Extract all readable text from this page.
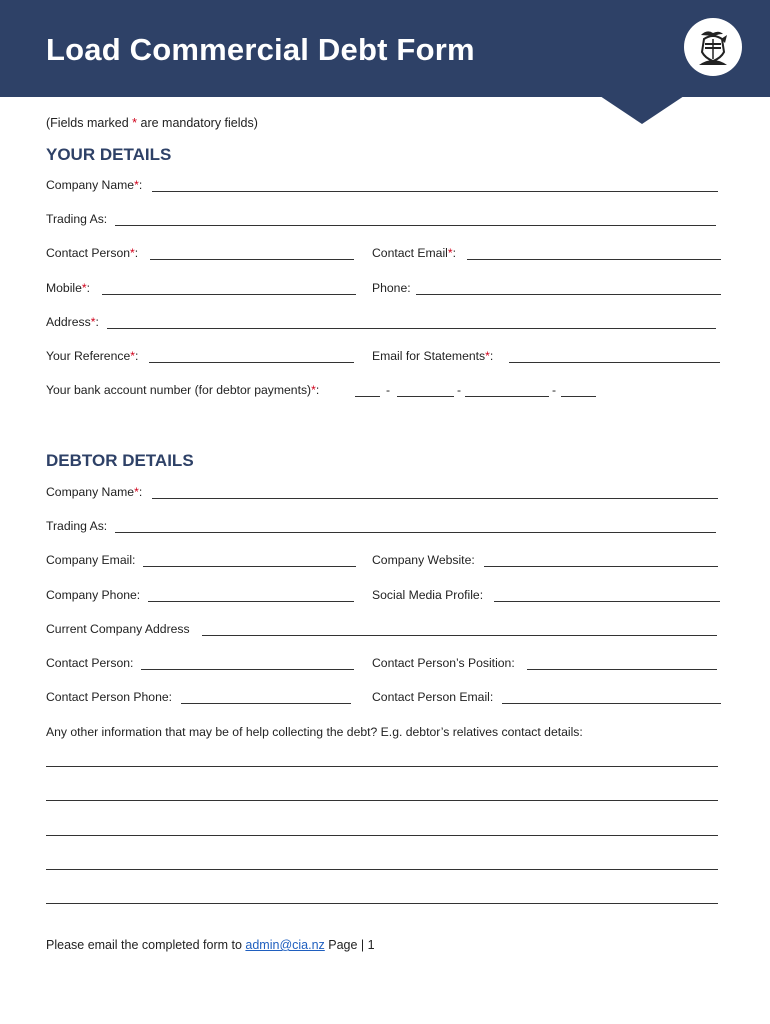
Load Commercial Debt Form
(Fields marked * are mandatory fields)
YOUR DETAILS
Company Name*:
Trading As:
Contact Person*:	Contact Email*:
Mobile*:	Phone:
Address*:
Your Reference*:	Email for Statements*:
Your bank account number (for debtor payments)*:	-	-	-
DEBTOR DETAILS
Company Name*:
Trading As:
Company Email:	Company Website:
Company Phone:	Social Media Profile:
Current Company Address
Contact Person:	Contact Person’s Position:
Contact Person Phone:	Contact Person Email:
Any other information that may be of help collecting the debt? E.g. debtor’s relatives contact details:
Please email the completed form to admin@cia.nz Page | 1
